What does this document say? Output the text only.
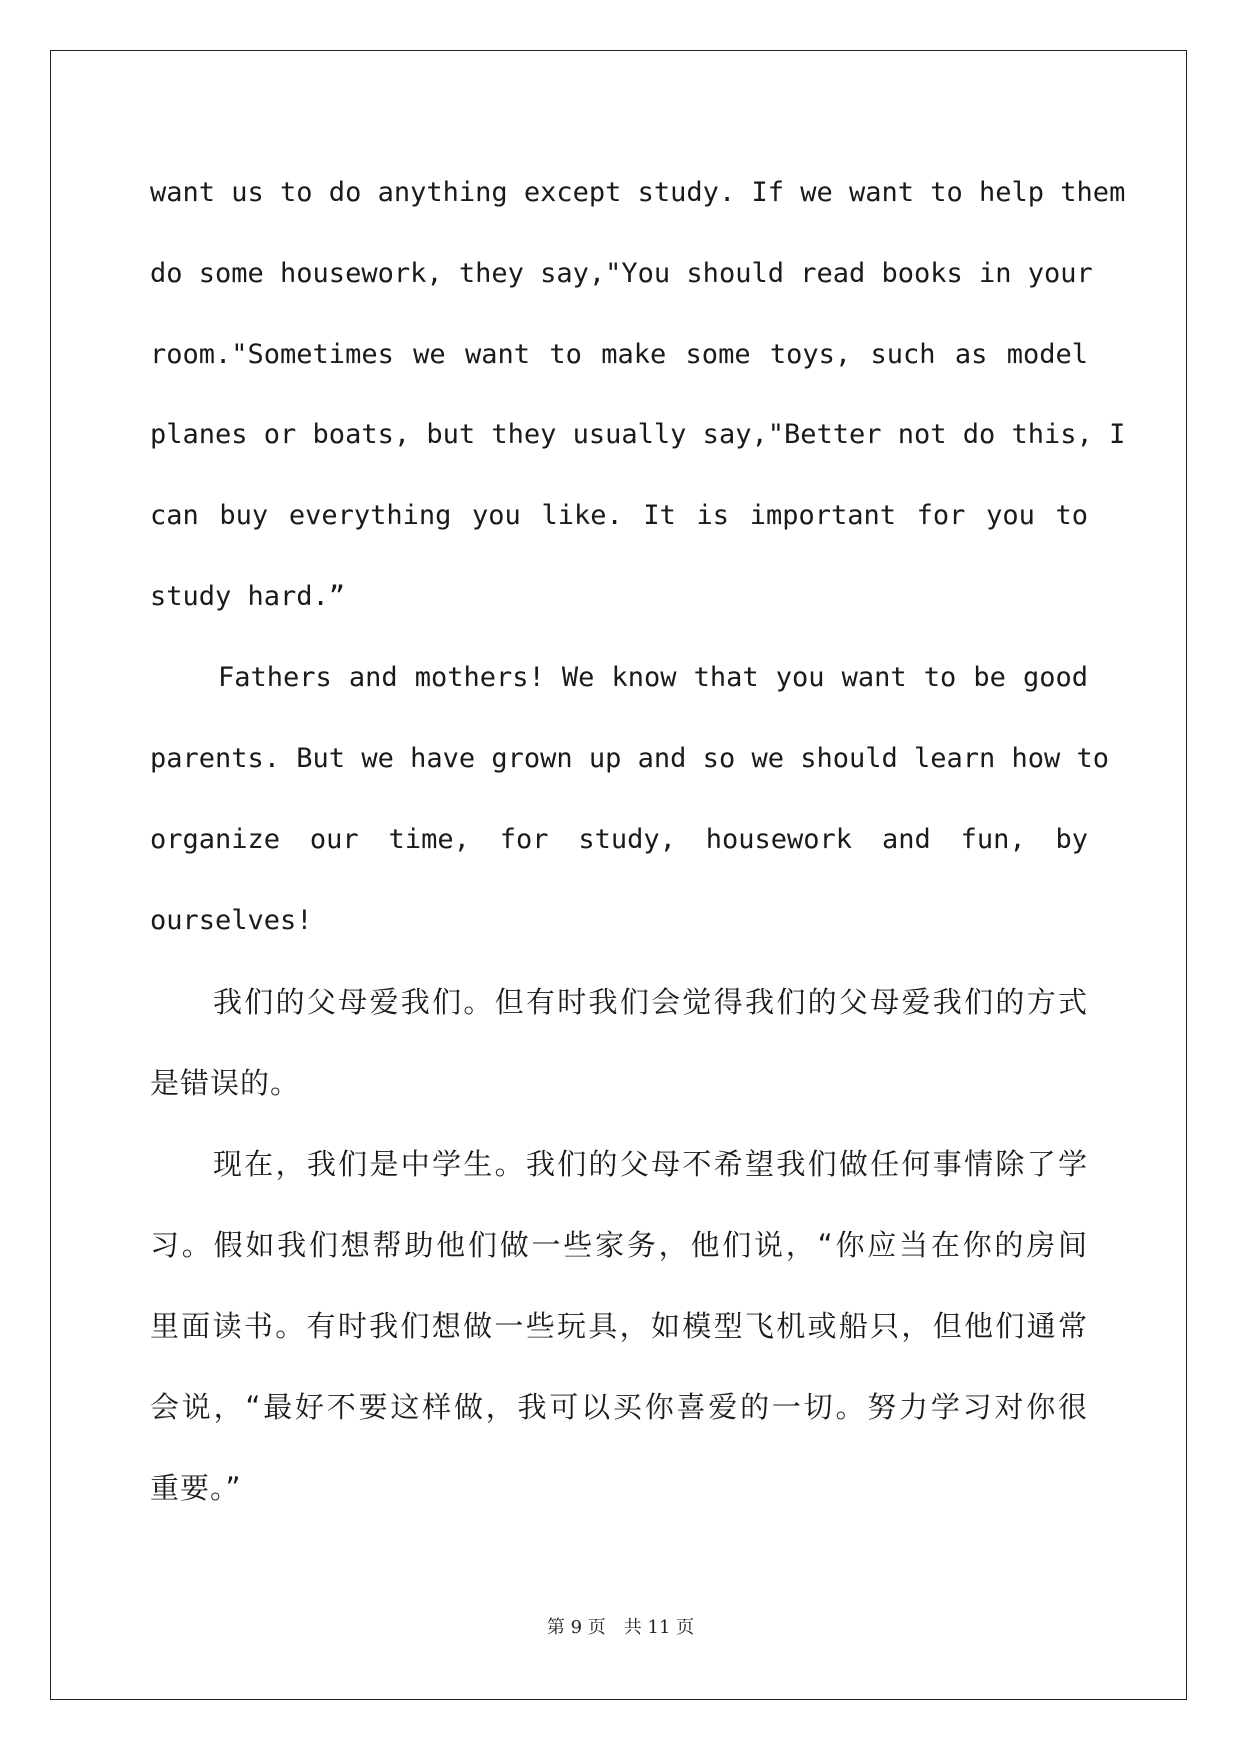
want us to do anything except study. If we want to help them
do some housework, they say,"You should read books in your
room."Sometimes we want to make some toys, such as model
planes or boats, but they usually say,"Better not do this, I
can buy everything you like. It is important for you to
study hard.”
Fathers and mothers! We know that you want to be good
parents. But we have grown up and so we should learn how to
organize our time, for study, housework and fun, by
ourselves!
我们的父母爱我们。但有时我们会觉得我们的父母爱我们的方式
是错误的。
现在，我们是中学生。我们的父母不希望我们做任何事情除了学
习。假如我们想帮助他们做一些家务，他们说，“你应当在你的房间
里面读书。有时我们想做一些玩具，如模型飞机或船只，但他们通常
会说，“最好不要这样做，我可以买你喜爱的一切。努力学习对你很
重要。”
第 9 页　共 11 页
